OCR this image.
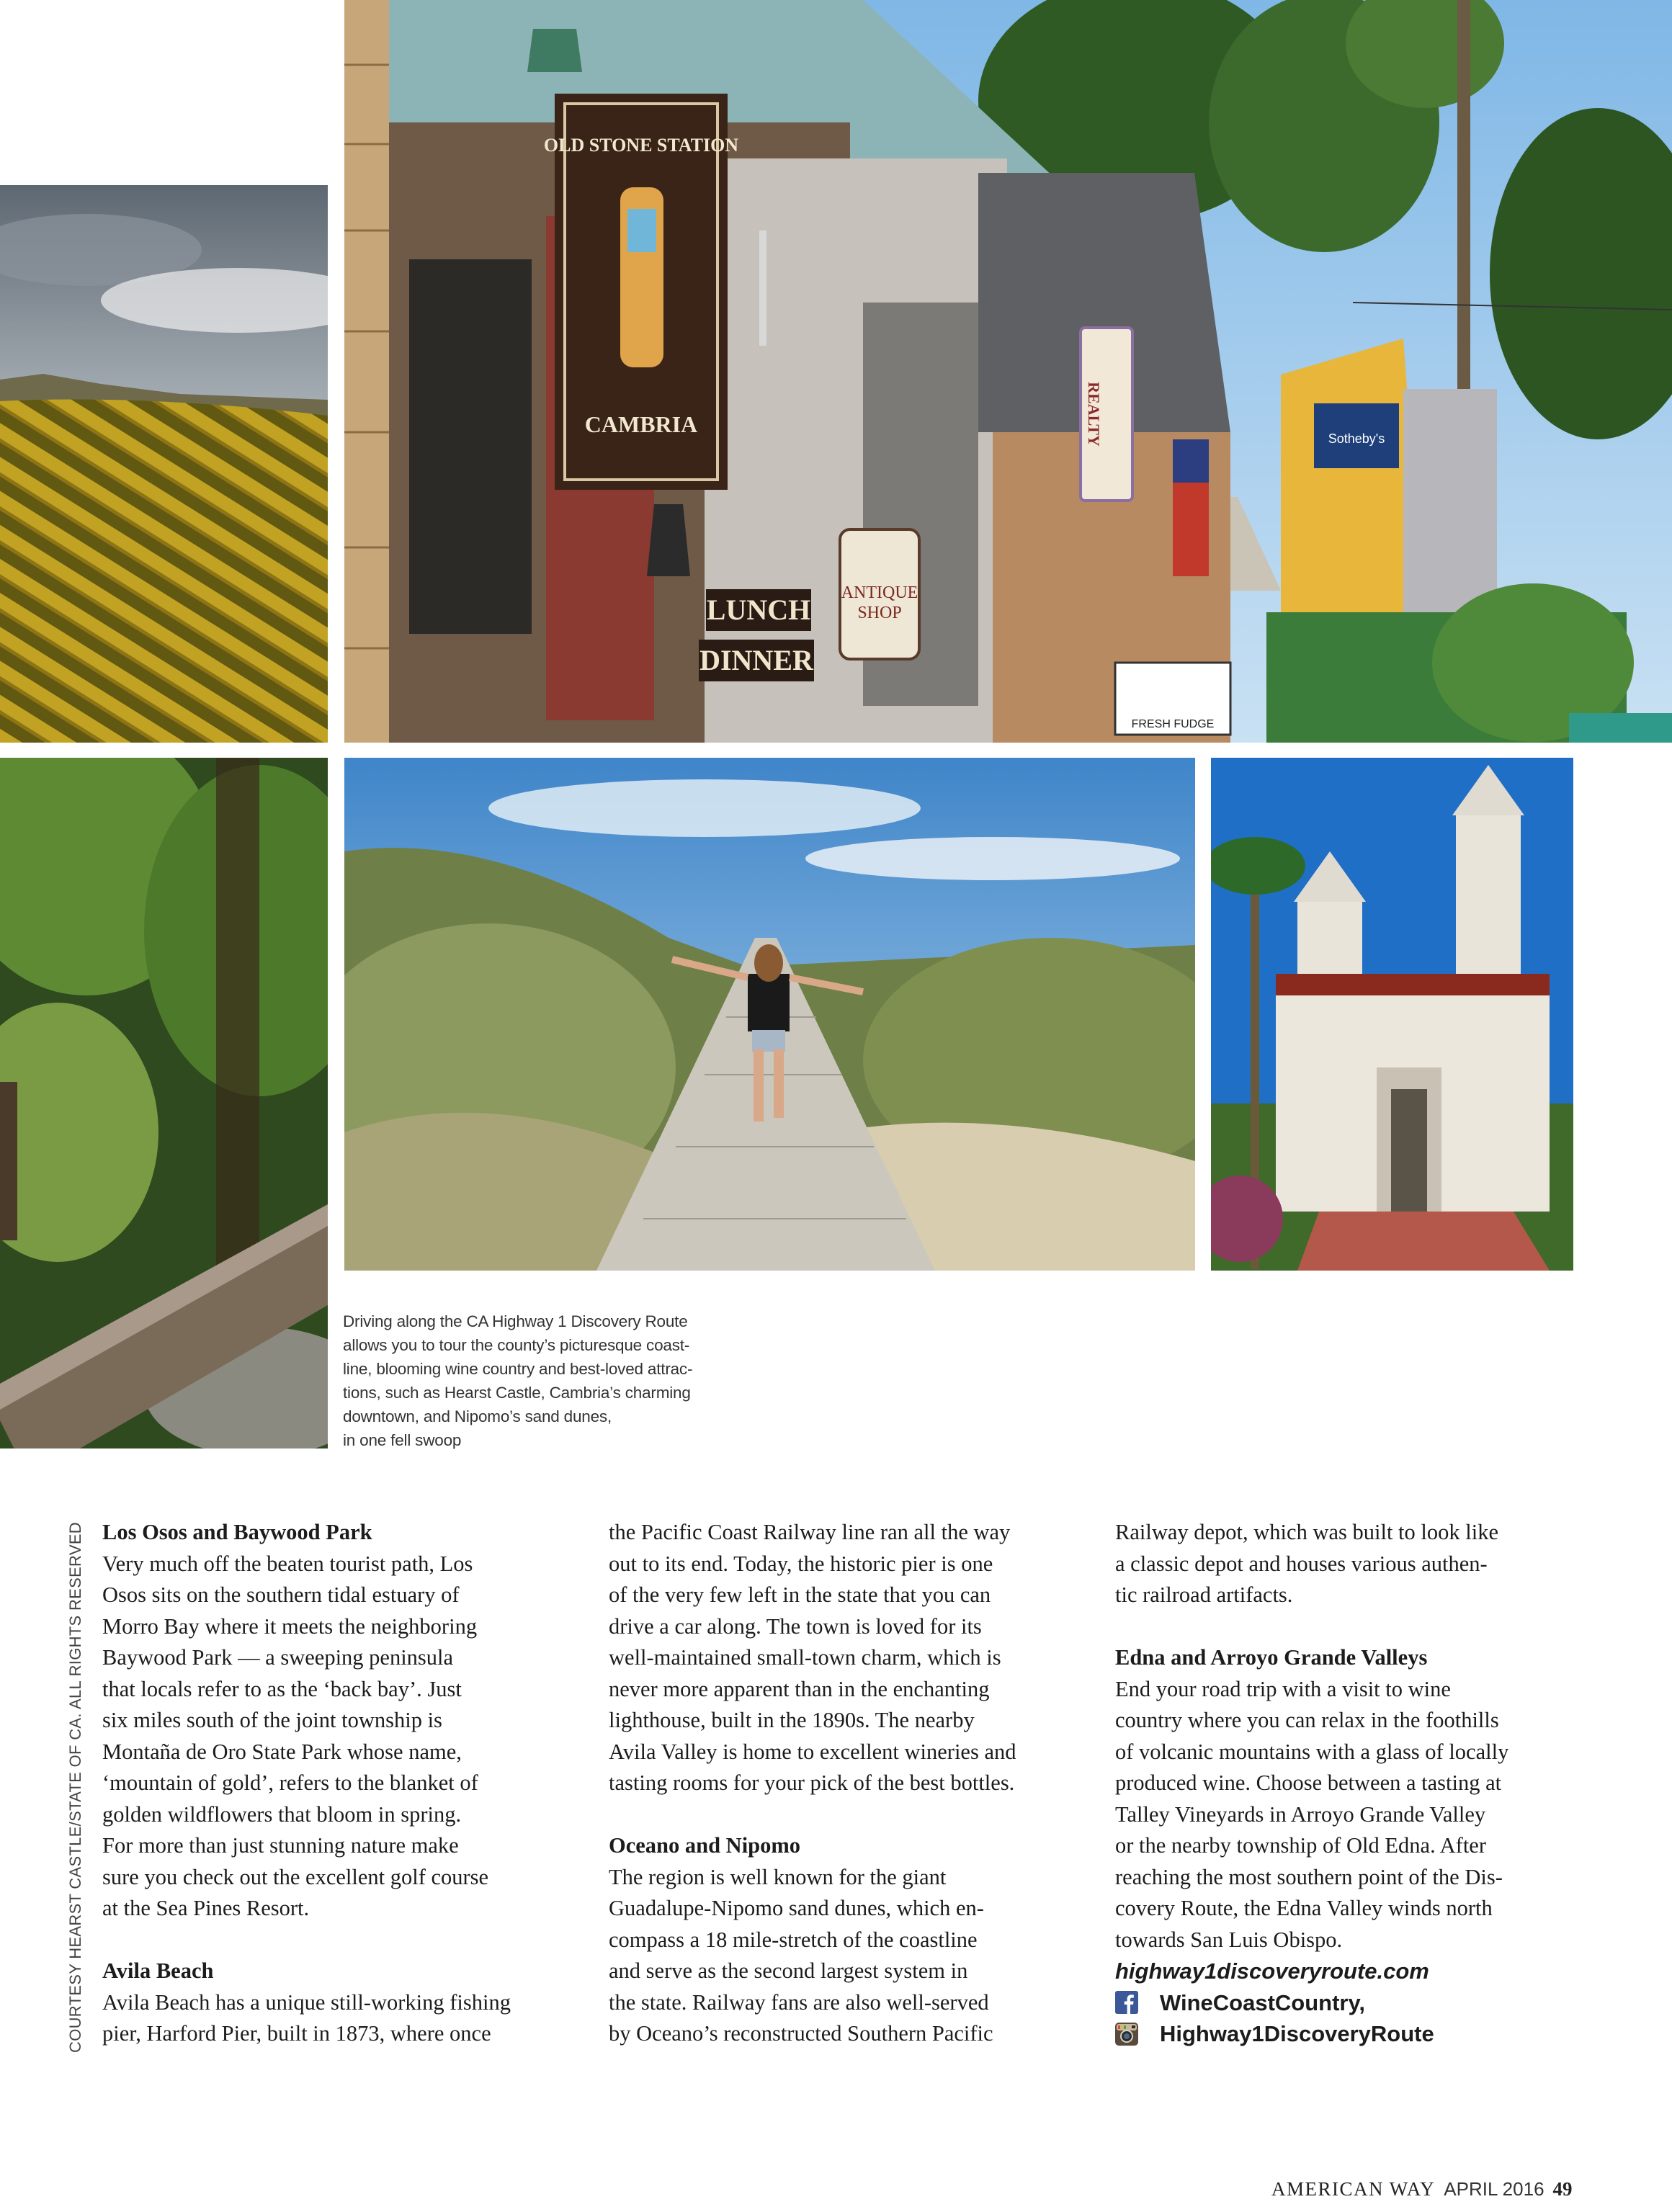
OLD STONE STATION
CAMBRIA
LUNCH
DINNER
ANTIQUE
SHOP
REALTY	Sotheby's
FRESH FUDGE
Driving along the CA Highway 1 Discovery Route
allows you to tour the county’s picturesque coast-
line, blooming wine country and best-loved attrac-
tions, such as Hearst Castle, Cambria’s charming
downtown, and Nipomo’s sand dunes,
in one fell swoop
COURTESY HEARST CASTLE/STATE OF CA. ALL RIGHTS RESERVED Los Osos and Baywood Park
Very much off the beaten tourist path, Los
Osos sits on the southern tidal estuary of
Morro Bay where it meets the neighboring
Baywood Park — a sweeping peninsula
that locals refer to as the ‘back bay’. Just
six miles south of the joint township is
Montaña de Oro State Park whose name,
‘mountain of gold’, refers to the blanket of
golden wildflowers that bloom in spring.
For more than just stunning nature make
sure you check out the excellent golf course
at the Sea Pines Resort.
Avila Beach
Avila Beach has a unique still-working fishing
pier, Harford Pier, built in 1873, where once
the Pacific Coast Railway line ran all the way
out to its end. Today, the historic pier is one
of the very few left in the state that you can
drive a car along. The town is loved for its
well-maintained small-town charm, which is
never more apparent than in the enchanting
lighthouse, built in the 1890s. The nearby
Avila Valley is home to excellent wineries and
tasting rooms for your pick of the best bottles.
Oceano and Nipomo
The region is well known for the giant
Guadalupe-Nipomo sand dunes, which en-
compass a 18 mile-stretch of the coastline
and serve as the second largest system in
the state. Railway fans are also well-served
by Oceano’s reconstructed Southern Pacific
Railway depot, which was built to look like
a classic depot and houses various authen-
tic railroad artifacts.
Edna and Arroyo Grande Valleys
End your road trip with a visit to wine
country where you can relax in the foothills
of volcanic mountains with a glass of locally
produced wine. Choose between a tasting at
Talley Vineyards in Arroyo Grande Valley
or the nearby township of Old Edna. After
reaching the most southern point of the Dis-
covery Route, the Edna Valley winds north
towards San Luis Obispo.
highway1discoveryroute.com
WineCoastCountry,
Highway1DiscoveryRoute
AMERICAN WAY APRIL 2016 49
